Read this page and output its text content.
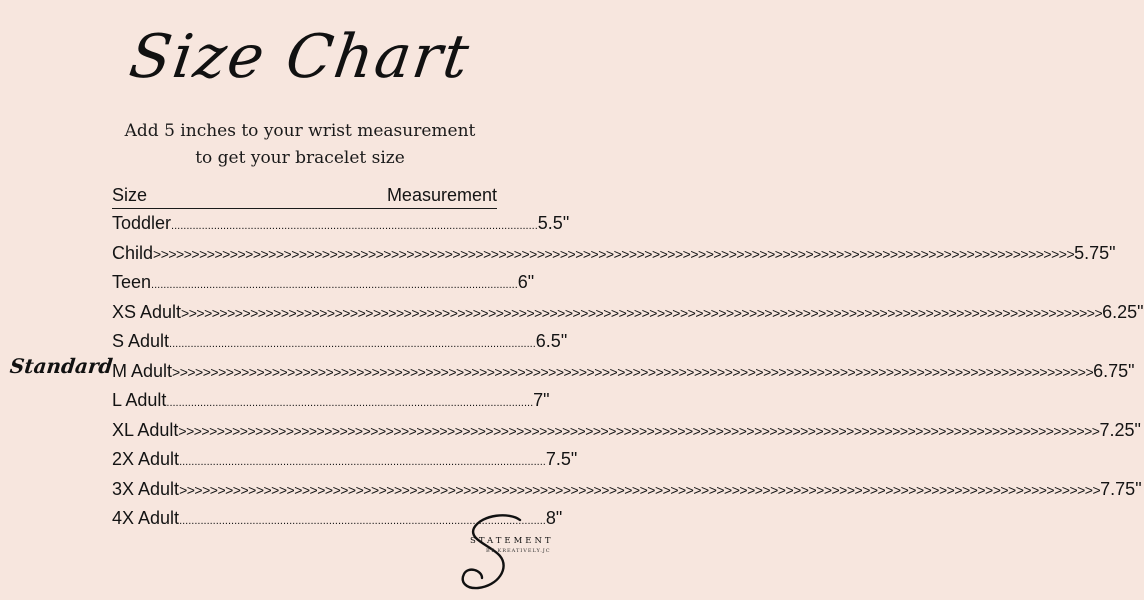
Size Chart
Add 5 inches to your wrist measurement
to get your bracelet size
Size	Measurement
Toddler ........................................................................................................................ 5.5"
Child >>>>>>>>>>>>>>>>>>>>>>>>>>>>>>>>>>>>>>>>>>>>>>>>>>>>>>>>>>>>>>>>>>>>>>>>>>>>>>>>>>>>>>>>>>>>>>>>>>>>>>>>>>>>>>>>>>>>>>>> 5.75"
Teen ........................................................................................................................ 6"
XS Adult >>>>>>>>>>>>>>>>>>>>>>>>>>>>>>>>>>>>>>>>>>>>>>>>>>>>>>>>>>>>>>>>>>>>>>>>>>>>>>>>>>>>>>>>>>>>>>>>>>>>>>>>>>>>>>>>>>>>>>>> 6.25"
S Adult ........................................................................................................................ 6.5"
M Adult >>>>>>>>>>>>>>>>>>>>>>>>>>>>>>>>>>>>>>>>>>>>>>>>>>>>>>>>>>>>>>>>>>>>>>>>>>>>>>>>>>>>>>>>>>>>>>>>>>>>>>>>>>>>>>>>>>>>>>>> 6.75"
L Adult ........................................................................................................................ 7"
XL Adult >>>>>>>>>>>>>>>>>>>>>>>>>>>>>>>>>>>>>>>>>>>>>>>>>>>>>>>>>>>>>>>>>>>>>>>>>>>>>>>>>>>>>>>>>>>>>>>>>>>>>>>>>>>>>>>>>>>>>>>> 7.25"
2X Adult ........................................................................................................................ 7.5"
3X Adult >>>>>>>>>>>>>>>>>>>>>>>>>>>>>>>>>>>>>>>>>>>>>>>>>>>>>>>>>>>>>>>>>>>>>>>>>>>>>>>>>>>>>>>>>>>>>>>>>>>>>>>>>>>>>>>>>>>>>>>> 7.75"
4X Adult ........................................................................................................................ 8"
Standard
STATEMENT
BY KREATIVELY.JC
